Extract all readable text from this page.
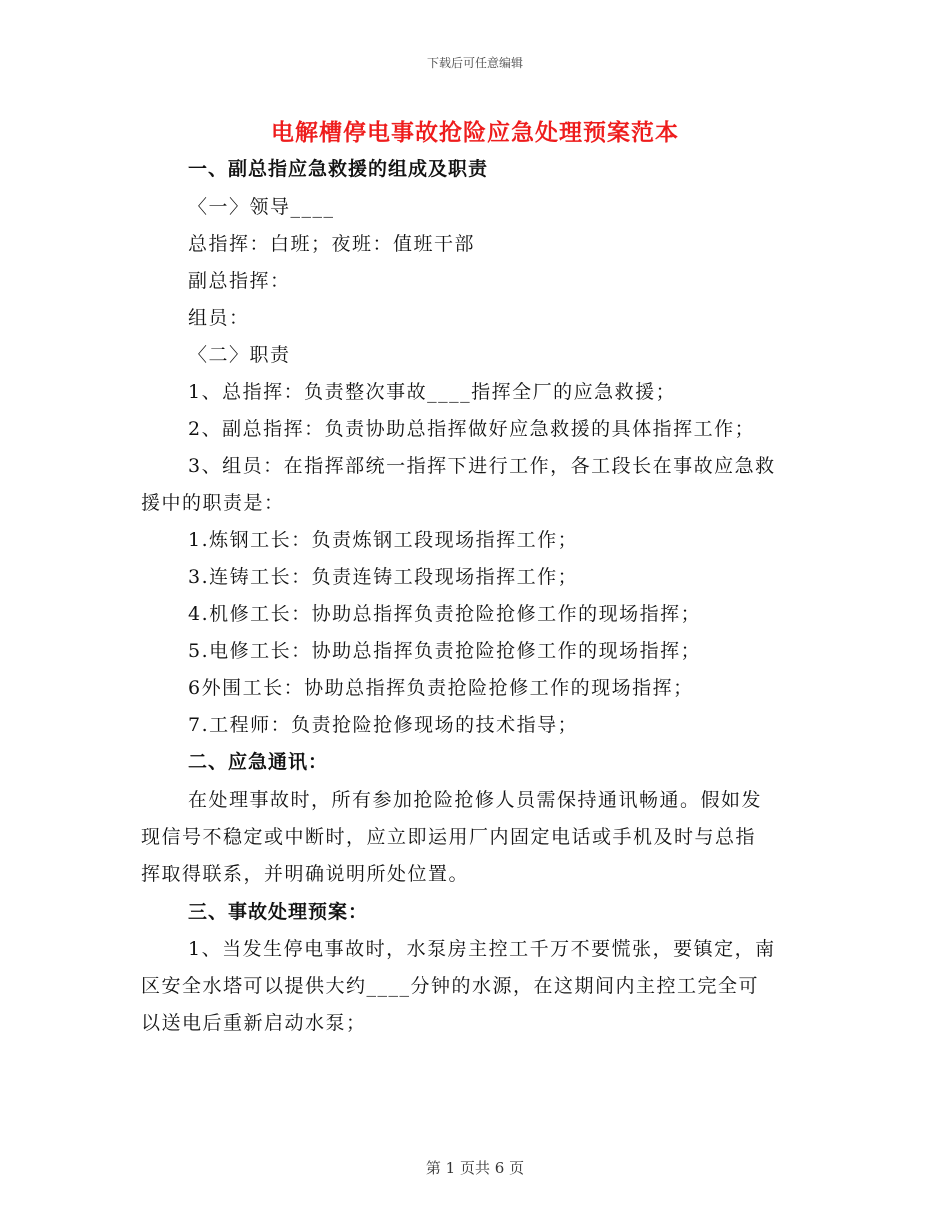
下载后可任意编辑
电解槽停电事故抢险应急处理预案范本
一、副总指应急救援的组成及职责
〈一〉领导____
总指挥：白班；夜班：值班干部
副总指挥：
组员：
〈二〉职责
1、总指挥：负责整次事故____指挥全厂的应急救援；
2、副总指挥：负责协助总指挥做好应急救援的具体指挥工作；
3、组员：在指挥部统一指挥下进行工作，各工段长在事故应急救
援中的职责是：
1.炼钢工长：负责炼钢工段现场指挥工作；
3.连铸工长：负责连铸工段现场指挥工作；
4.机修工长：协助总指挥负责抢险抢修工作的现场指挥；
5.电修工长：协助总指挥负责抢险抢修工作的现场指挥；
6外围工长：协助总指挥负责抢险抢修工作的现场指挥；
7.工程师：负责抢险抢修现场的技术指导；
二、应急通讯：
在处理事故时，所有参加抢险抢修人员需保持通讯畅通。假如发
现信号不稳定或中断时，应立即运用厂内固定电话或手机及时与总指
挥取得联系，并明确说明所处位置。
三、事故处理预案：
1、当发生停电事故时，水泵房主控工千万不要慌张，要镇定，南
区安全水塔可以提供大约____分钟的水源，在这期间内主控工完全可
以送电后重新启动水泵；
第 1 页共 6 页
